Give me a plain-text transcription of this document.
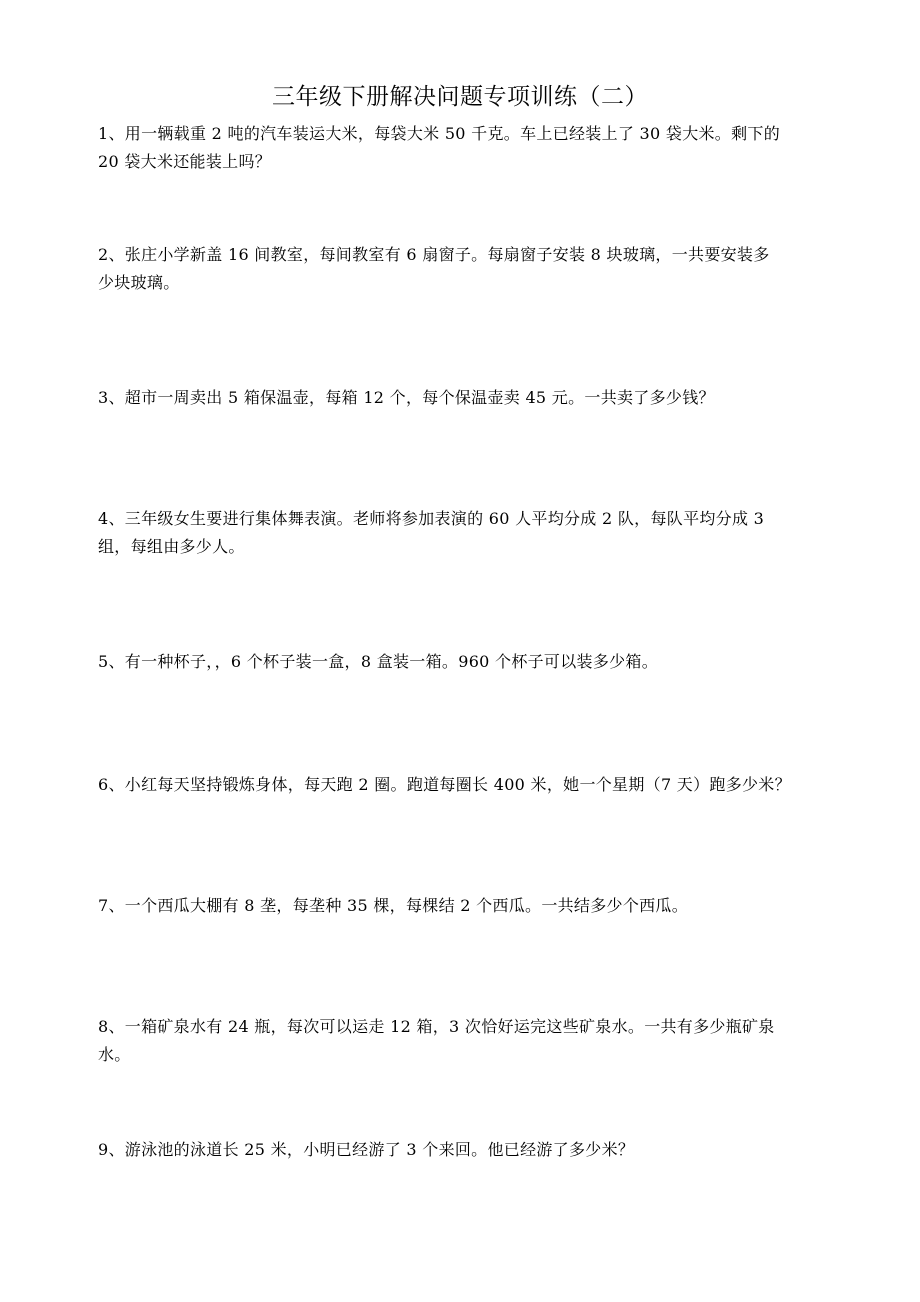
三年级下册解决问题专项训练（二）
1、用一辆载重 2 吨的汽车装运大米，每袋大米 50 千克。车上已经装上了 30 袋大米。剩下的
20 袋大米还能装上吗？
2、张庄小学新盖 16 间教室，每间教室有 6 扇窗子。每扇窗子安装 8 块玻璃，一共要安装多
少块玻璃。
3、超市一周卖出 5 箱保温壶，每箱 12 个，每个保温壶卖 45 元。一共卖了多少钱？
4、三年级女生要进行集体舞表演。老师将参加表演的 60 人平均分成 2 队，每队平均分成 3
组，每组由多少人。
5、有一种杯子，，6 个杯子装一盒，8 盒装一箱。960 个杯子可以装多少箱。
6、小红每天坚持锻炼身体，每天跑 2 圈。跑道每圈长 400 米，她一个星期（7 天）跑多少米？
7、一个西瓜大棚有 8 垄，每垄种 35 棵，每棵结 2 个西瓜。一共结多少个西瓜。
8、一箱矿泉水有 24 瓶，每次可以运走 12 箱，3 次恰好运完这些矿泉水。一共有多少瓶矿泉
水。
9、游泳池的泳道长 25 米，小明已经游了 3 个来回。他已经游了多少米？
